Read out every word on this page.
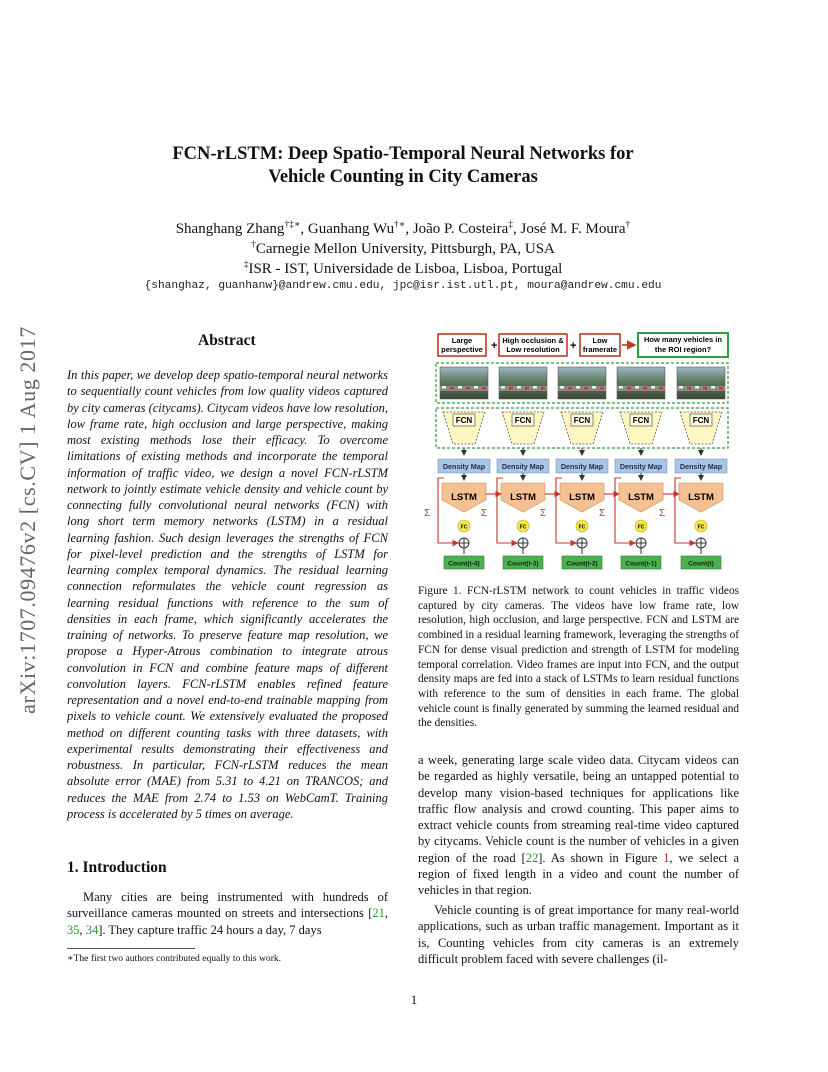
arXiv:1707.09476v2 [cs.CV] 1 Aug 2017
FCN-rLSTM: Deep Spatio-Temporal Neural Networks for
Vehicle Counting in City Cameras
Shanghang Zhang†‡∗, Guanhang Wu†∗, João P. Costeira‡, José M. F. Moura†
†Carnegie Mellon University, Pittsburgh, PA, USA
‡ISR - IST, Universidade de Lisboa, Lisboa, Portugal
{shanghaz, guanhanw}@andrew.cmu.edu, jpc@isr.ist.utl.pt, moura@andrew.cmu.edu
Abstract
In this paper, we develop deep spatio-temporal neural networks to sequentially count vehicles from low quality videos captured by city cameras (citycams). Citycam videos have low resolution, low frame rate, high occlusion and large perspective, making most existing methods lose their efficacy. To overcome limitations of existing methods and incorporate the temporal information of traffic video, we design a novel FCN-rLSTM network to jointly estimate vehicle density and vehicle count by connecting fully convolutional neural networks (FCN) with long short term memory networks (LSTM) in a residual learning fashion. Such design leverages the strengths of FCN for pixel-level prediction and the strengths of LSTM for learning complex temporal dynamics. The residual learning connection reformulates the vehicle count regression as learning residual functions with reference to the sum of densities in each frame, which significantly accelerates the training of networks. To preserve feature map resolution, we propose a Hyper-Atrous combination to integrate atrous convolution in FCN and combine feature maps of different convolution layers. FCN-rLSTM enables refined feature representation and a novel end-to-end trainable mapping from pixels to vehicle count. We extensively evaluated the proposed method on different counting tasks with three datasets, with experimental results demonstrating their effectiveness and robustness. In particular, FCN-rLSTM reduces the mean absolute error (MAE) from 5.31 to 4.21 on TRANCOS; and reduces the MAE from 2.74 to 1.53 on WebCamT. Training process is accelerated by 5 times on average.
1. Introduction
Many cities are being instrumented with hundreds of surveillance cameras mounted on streets and intersections [21, 35, 34]. They capture traffic 24 hours a day, 7 days
∗The first two authors contributed equally to this work.
Large
perspective + High occlusion &
Low resolution + Low
framerate
How many vehicles in
the ROI region?
FCN
Density Map
LSTM
FC
Count(t-4)
Σ
FCN
Density Map
LSTM
FC
Count(t-3)
Σ
FCN
Density Map
LSTM
FC
Count(t-2)
Σ
FCN
Density Map
LSTM
FC
Count(t-1)
Σ
FCN
Density Map
LSTM
FC
Count(t)
Σ
Figure 1. FCN-rLSTM network to count vehicles in traffic videos captured by city cameras. The videos have low frame rate, low resolution, high occlusion, and large perspective. FCN and LSTM are combined in a residual learning framework, leveraging the strengths of FCN for dense visual prediction and strength of LSTM for modeling temporal correlation. Video frames are input into FCN, and the output density maps are fed into a stack of LSTMs to learn residual functions with reference to the sum of densities in each frame. The global vehicle count is finally generated by summing the learned residual and the densities.
a week, generating large scale video data. Citycam videos can be regarded as highly versatile, being an untapped potential to develop many vision-based techniques for applications like traffic flow analysis and crowd counting. This paper aims to extract vehicle counts from streaming real-time video captured by citycams. Vehicle count is the number of vehicles in a given region of the road [22]. As shown in Figure 1, we select a region of fixed length in a video and count the number of vehicles in that region.
Vehicle counting is of great importance for many real-world applications, such as urban traffic management. Important as it is, Counting vehicles from city cameras is an extremely difficult problem faced with severe challenges (il-
1
